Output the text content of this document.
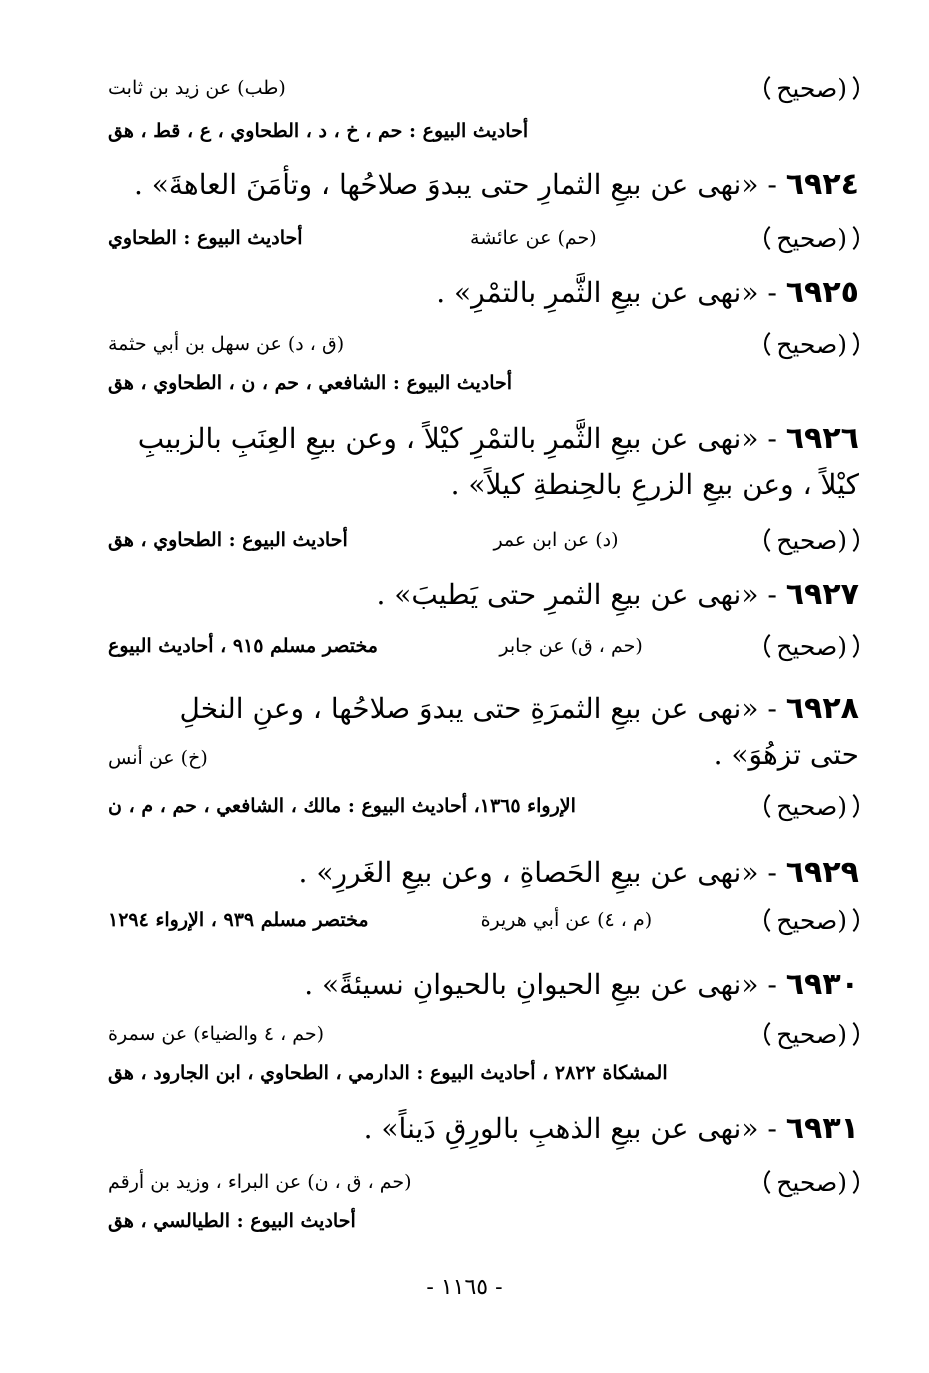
(صحيح
(طب) عن زيد بن ثابت
أحاديث البيوع : حم ، خ ، د ، الطحاوي ، ع ، قط ، هق
٦٩٢٤ - «نهى عن بيعِ الثمارِ حتى يبدوَ صلاحُها ، وتأمَنَ العاهةَ» .
(صحيح
(حم) عن عائشة
أحاديث البيوع : الطحاوي
٦٩٢٥ - «نهى عن بيعِ الثَّمرِ بالتمْرِ» .
(صحيح
(ق ، د) عن سهل بن أبي حثمة
أحاديث البيوع : الشافعي ، حم ، ن ، الطحاوي ، هق
٦٩٢٦ - «نهى عن بيعِ الثَّمرِ بالتمْرِ كيْلاً ، وعن بيعِ العِنَبِ بالزبيبِ
كيْلاً ، وعن بيعِ الزرعِ بالحِنطةِ كيلاً» .
(صحيح
(د) عن ابن عمر
أحاديث البيوع : الطحاوي ، هق
٦٩٢٧ - «نهى عن بيعِ الثمرِ حتى يَطيبَ» .
(صحيح
(حم ، ق) عن جابر
مختصر مسلم ٩١٥ ، أحاديث البيوع
٦٩٢٨ - «نهى عن بيعِ الثمرَةِ حتى يبدوَ صلاحُها ، وعنِ النخلِ
حتى تزهُوَ» .
(خ) عن أنس
(صحيح
الإرواء ١٣٦٥، أحاديث البيوع : مالك ، الشافعي ، حم ، م ، ن
٦٩٢٩ - «نهى عن بيعِ الحَصاةِ ، وعن بيعِ الغَررِ» .
(صحيح
(م ، ٤) عن أبي هريرة
مختصر مسلم ٩٣٩ ، الإرواء ١٢٩٤
٦٩٣٠ - «نهى عن بيعِ الحيوانِ بالحيوانِ نسيئةً» .
(صحيح
(حم ، ٤ والضياء) عن سمرة
المشكاة ٢٨٢٢ ، أحاديث البيوع : الدارمي ، الطحاوي ، ابن الجارود ، هق
٦٩٣١ - «نهى عن بيعِ الذهبِ بالورِقِ دَيناً» .
(صحيح
(حم ، ق ، ن) عن البراء ، وزيد بن أرقم
أحاديث البيوع : الطيالسي ، هق
- ١١٦٥ -
